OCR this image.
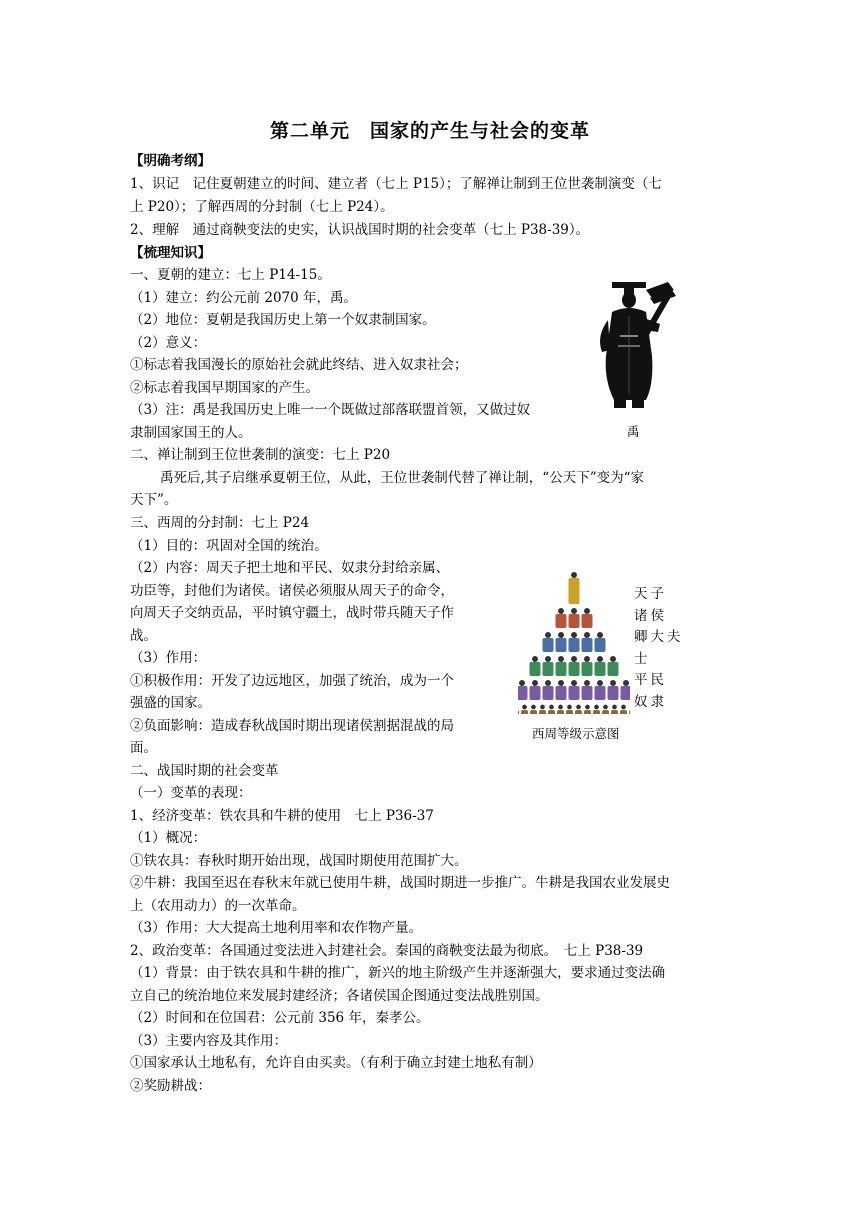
第二单元　国家的产生与社会的变革
【明确考纲】
1、识记　记住夏朝建立的时间、建立者（七上 P15）；了解禅让制到王位世袭制演变（七
上 P20）；了解西周的分封制（七上 P24）。
2、理解　通过商鞅变法的史实，认识战国时期的社会变革（七上 P38-39）。
【梳理知识】
一、夏朝的建立：七上 P14-15。
（1）建立：约公元前 2070 年，禹。
（2）地位：夏朝是我国历史上第一个奴隶制国家。
（2）意义：
①标志着我国漫长的原始社会就此终结、进入奴隶社会；
②标志着我国早期国家的产生。
（3）注：禹是我国历史上唯一一个既做过部落联盟首领，又做过奴
隶制国家国王的人。
二、禅让制到王位世袭制的演变：七上 P20
禹死后,其子启继承夏朝王位，从此，王位世袭制代替了禅让制，“公天下”变为“家
天下”。
三、西周的分封制：七上 P24
（1）目的：巩固对全国的统治。
（2）内容：周天子把土地和平民、奴隶分封给亲属、
功臣等，封他们为诸侯。诸侯必须服从周天子的命令，
向周天子交纳贡品，平时镇守疆土，战时带兵随天子作
战。
（3）作用：
①积极作用：开发了边远地区，加强了统治，成为一个
强盛的国家。
②负面影响：造成春秋战国时期出现诸侯割据混战的局
面。
二、战国时期的社会变革
（一）变革的表现：
1、经济变革：铁农具和牛耕的使用　七上 P36-37
（1）概况：
①铁农具：春秋时期开始出现，战国时期使用范围扩大。
②牛耕：我国至迟在春秋末年就已使用牛耕，战国时期进一步推广。牛耕是我国农业发展史
上（农用动力）的一次革命。
（3）作用：大大提高土地利用率和农作物产量。
2、政治变革：各国通过变法进入封建社会。秦国的商鞅变法最为彻底。　七上 P38-39
（1）背景：由于铁农具和牛耕的推广，新兴的地主阶级产生并逐渐强大，要求通过变法确
立自己的统治地位来发展封建经济；各诸侯国企图通过变法战胜别国。
（2）时间和在位国君：公元前 356 年，秦孝公。
（3）主要内容及其作用：
①国家承认土地私有，允许自由买卖。（有利于确立封建土地私有制）
②奖励耕战：
禹
天子
诸侯
卿大夫
士
平民
奴隶
西周等级示意图
